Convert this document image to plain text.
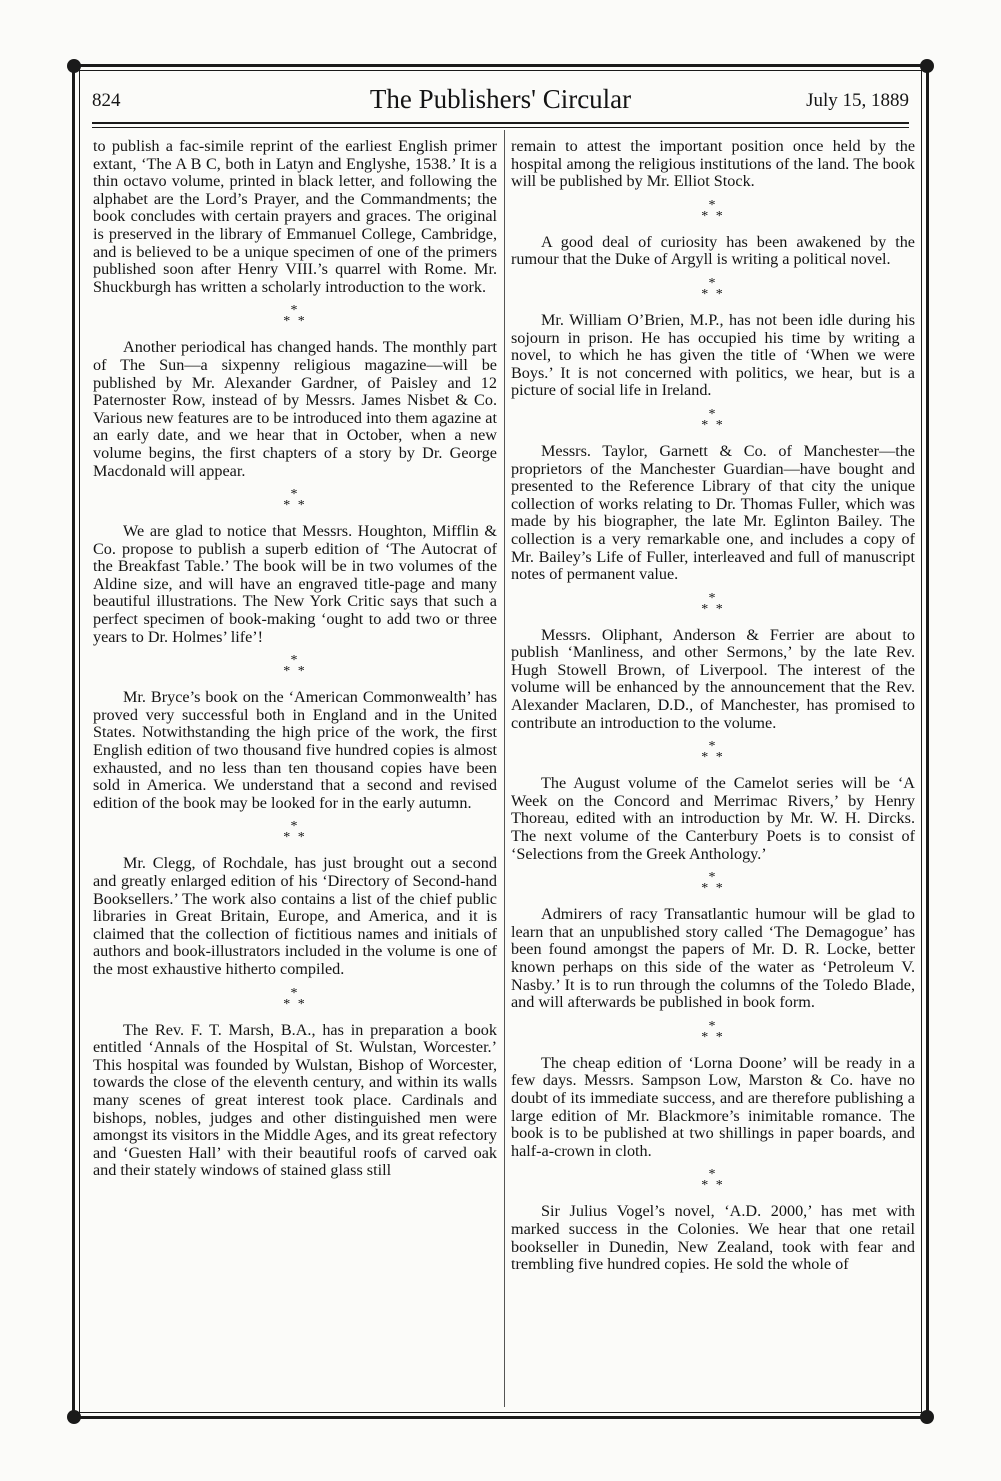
824	The Publishers' Circular	July 15, 1889

to publish a fac-simile reprint of the earliest English primer extant, ‘The A B C, both in Latyn and Englyshe, 1538.’ It is a thin octavo volume, printed in black letter, and following the alphabet are the Lord’s Prayer, and the Commandments; the book concludes with certain prayers and graces. The original is preserved in the library of Emmanuel College, Cambridge, and is believed to be a unique specimen of one of the primers published soon after Henry VIII.’s quarrel with Rome. Mr. Shuckburgh has written a scholarly introduction to the work.

*
* *

Another periodical has changed hands. The monthly part of The Sun—a sixpenny religious magazine—will be published by Mr. Alexander Gardner, of Paisley and 12 Paternoster Row, instead of by Messrs. James Nisbet & Co. Various new features are to be introduced into them agazine at an early date, and we hear that in October, when a new volume begins, the first chapters of a story by Dr. George Macdonald will appear.

*
* *

We are glad to notice that Messrs. Houghton, Mifflin & Co. propose to publish a superb edition of ‘The Autocrat of the Breakfast Table.’ The book will be in two volumes of the Aldine size, and will have an engraved title-page and many beautiful illustrations. The New York Critic says that such a perfect specimen of book-making ‘ought to add two or three years to Dr. Holmes’ life’!

*
* *

Mr. Bryce’s book on the ‘American Commonwealth’ has proved very successful both in England and in the United States. Notwithstanding the high price of the work, the first English edition of two thousand five hundred copies is almost exhausted, and no less than ten thousand copies have been sold in America. We understand that a second and revised edition of the book may be looked for in the early autumn.

*
* *

Mr. Clegg, of Rochdale, has just brought out a second and greatly enlarged edition of his ‘Directory of Second-hand Booksellers.’ The work also contains a list of the chief public libraries in Great Britain, Europe, and America, and it is claimed that the collection of fictitious names and initials of authors and book-illustrators included in the volume is one of the most exhaustive hitherto compiled.

*
* *

The Rev. F. T. Marsh, B.A., has in preparation a book entitled ‘Annals of the Hospital of St. Wulstan, Worcester.’ This hospital was founded by Wulstan, Bishop of Worcester, towards the close of the eleventh century, and within its walls many scenes of great interest took place. Cardinals and bishops, nobles, judges and other distinguished men were amongst its visitors in the Middle Ages, and its great refectory and ‘Guesten Hall’ with their beautiful roofs of carved oak and their stately windows of stained glass still

remain to attest the important position once held by the hospital among the religious institutions of the land. The book will be published by Mr. Elliot Stock.

*
* *

A good deal of curiosity has been awakened by the rumour that the Duke of Argyll is writing a political novel.

*
* *

Mr. William O’Brien, M.P., has not been idle during his sojourn in prison. He has occupied his time by writing a novel, to which he has given the title of ‘When we were Boys.’ It is not concerned with politics, we hear, but is a picture of social life in Ireland.

*
* *

Messrs. Taylor, Garnett & Co. of Manchester—the proprietors of the Manchester Guardian—have bought and presented to the Reference Library of that city the unique collection of works relating to Dr. Thomas Fuller, which was made by his biographer, the late Mr. Eglinton Bailey. The collection is a very remarkable one, and includes a copy of Mr. Bailey’s Life of Fuller, interleaved and full of manuscript notes of permanent value.

*
* *

Messrs. Oliphant, Anderson & Ferrier are about to publish ‘Manliness, and other Sermons,’ by the late Rev. Hugh Stowell Brown, of Liverpool. The interest of the volume will be enhanced by the announcement that the Rev. Alexander Maclaren, D.D., of Manchester, has promised to contribute an introduction to the volume.

*
* *

The August volume of the Camelot series will be ‘A Week on the Concord and Merrimac Rivers,’ by Henry Thoreau, edited with an introduction by Mr. W. H. Dircks. The next volume of the Canterbury Poets is to consist of ‘Selections from the Greek Anthology.’

*
* *

Admirers of racy Transatlantic humour will be glad to learn that an unpublished story called ‘The Demagogue’ has been found amongst the papers of Mr. D. R. Locke, better known perhaps on this side of the water as ‘Petroleum V. Nasby.’ It is to run through the columns of the Toledo Blade, and will afterwards be published in book form.

*
* *

The cheap edition of ‘Lorna Doone’ will be ready in a few days. Messrs. Sampson Low, Marston & Co. have no doubt of its immediate success, and are therefore publishing a large edition of Mr. Blackmore’s inimitable romance. The book is to be published at two shillings in paper boards, and half-a-crown in cloth.

*
* *

Sir Julius Vogel’s novel, ‘A.D. 2000,’ has met with marked success in the Colonies. We hear that one retail bookseller in Dunedin, New Zealand, took with fear and trembling five hundred copies. He sold the whole of
